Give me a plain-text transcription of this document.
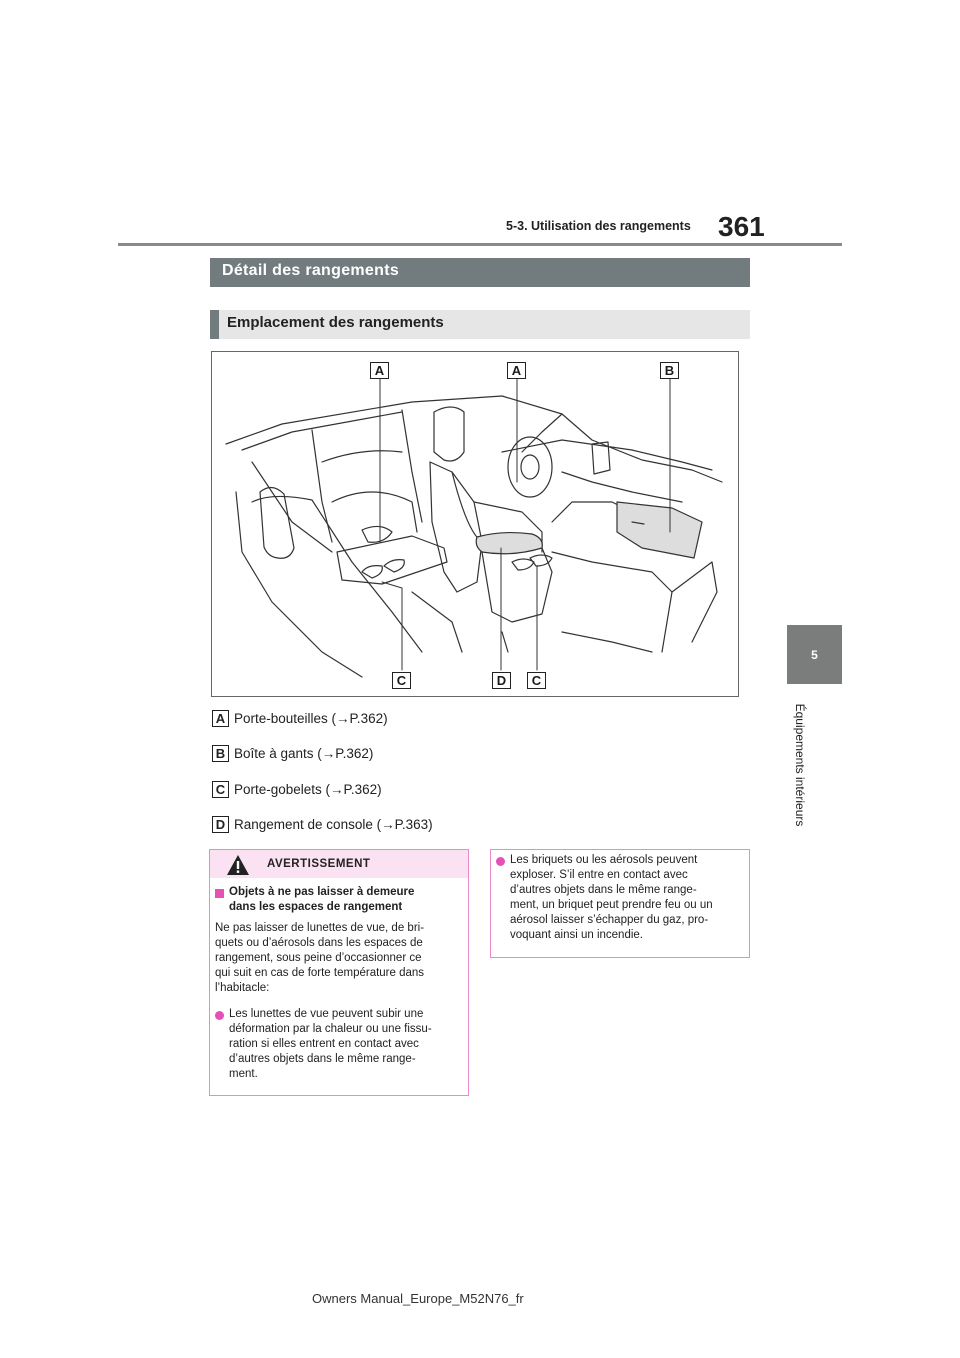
5-3. Utilisation des rangements 361
5
Équipements intérieurs
Détail des rangements
Emplacement des rangements
A	A	B
C	D	C
A Porte-bouteilles (→P.362)
B Boîte à gants (→P.362)
C Porte-gobelets (→P.362)
D Rangement de console (→P.363)
AVERTISSEMENT
Objets à ne pas laisser à demeure
dans les espaces de rangement
Ne pas laisser de lunettes de vue, de bri-
quets ou d’aérosols dans les espaces de
rangement, sous peine d’occasionner ce
qui suit en cas de forte température dans
l’habitacle:
Les lunettes de vue peuvent subir une
déformation par la chaleur ou une fissu-
ration si elles entrent en contact avec
d’autres objets dans le même range-
ment.
Les briquets ou les aérosols peuvent
exploser. S’il entre en contact avec
d’autres objets dans le même range-
ment, un briquet peut prendre feu ou un
aérosol laisser s’échapper du gaz, pro-
voquant ainsi un incendie.
Owners Manual_Europe_M52N76_fr
